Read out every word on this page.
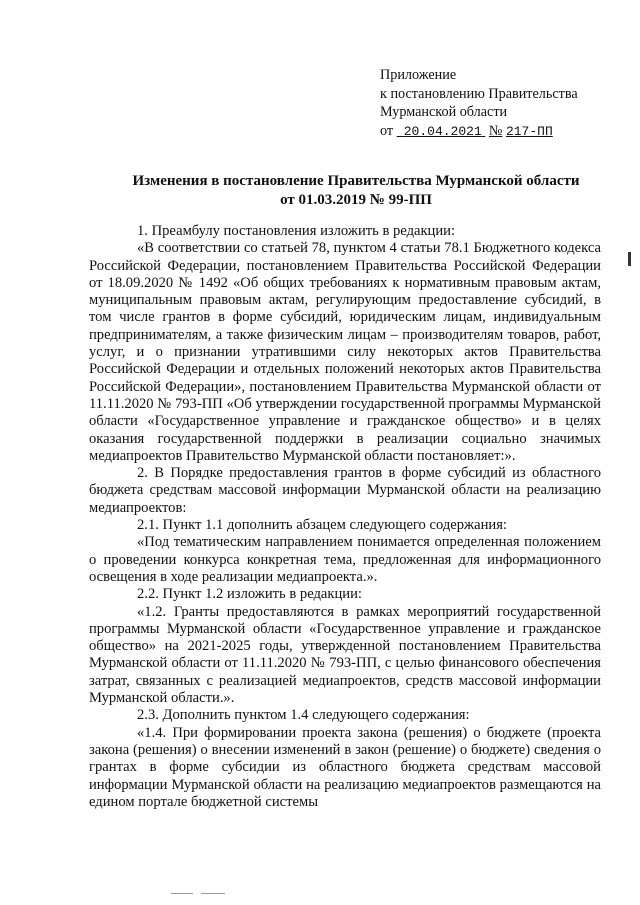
Приложение
к постановлению Правительства
Мурманской области
от 20.04.2021 № 217-ПП
Изменения в постановление Правительства Мурманской области
от 01.03.2019 № 99-ПП

1. Преамбулу постановления изложить в редакции:

«В соответствии со статьей 78, пунктом 4 статьи 78.1 Бюджетного кодекса Российской Федерации, постановлением Правительства Российской Федерации от 18.09.2020 № 1492 «Об общих требованиях к нормативным правовым актам, муниципальным правовым актам, регулирующим предоставление субсидий, в том числе грантов в форме субсидий, юридическим лицам, индивидуальным предпринимателям, а также физическим лицам – производителям товаров, работ, услуг, и о признании утратившими силу некоторых актов Правительства Российской Федерации и отдельных положений некоторых актов Правительства Российской Федерации», постановлением Правительства Мурманской области от 11.11.2020 № 793-ПП «Об утверждении государственной программы Мурманской области «Государственное управление и гражданское общество» и в целях оказания государственной поддержки в реализации социально значимых медиапроектов Правительство Мурманской области постановляет:».

2. В Порядке предоставления грантов в форме субсидий из областного бюджета средствам массовой информации Мурманской области на реализацию медиапроектов:

2.1. Пункт 1.1 дополнить абзацем следующего содержания:

«Под тематическим направлением понимается определенная положением о проведении конкурса конкретная тема, предложенная для информационного освещения в ходе реализации медиапроекта.».

2.2. Пункт 1.2 изложить в редакции:

«1.2. Гранты предоставляются в рамках мероприятий государственной программы Мурманской области «Государственное управление и гражданское общество» на 2021-2025 годы, утвержденной постановлением Правительства Мурманской области от 11.11.2020 № 793-ПП, с целью финансового обеспечения затрат, связанных с реализацией медиапроектов, средств массовой информации Мурманской области.».

2.3. Дополнить пунктом 1.4 следующего содержания:

«1.4. При формировании проекта закона (решения) о бюджете (проекта закона (решения) о внесении изменений в закон (решение) о бюджете) сведения о грантах в форме субсидии из областного бюджета средствам массовой информации Мурманской области на реализацию медиапроектов размещаются на едином портале бюджетной системы
